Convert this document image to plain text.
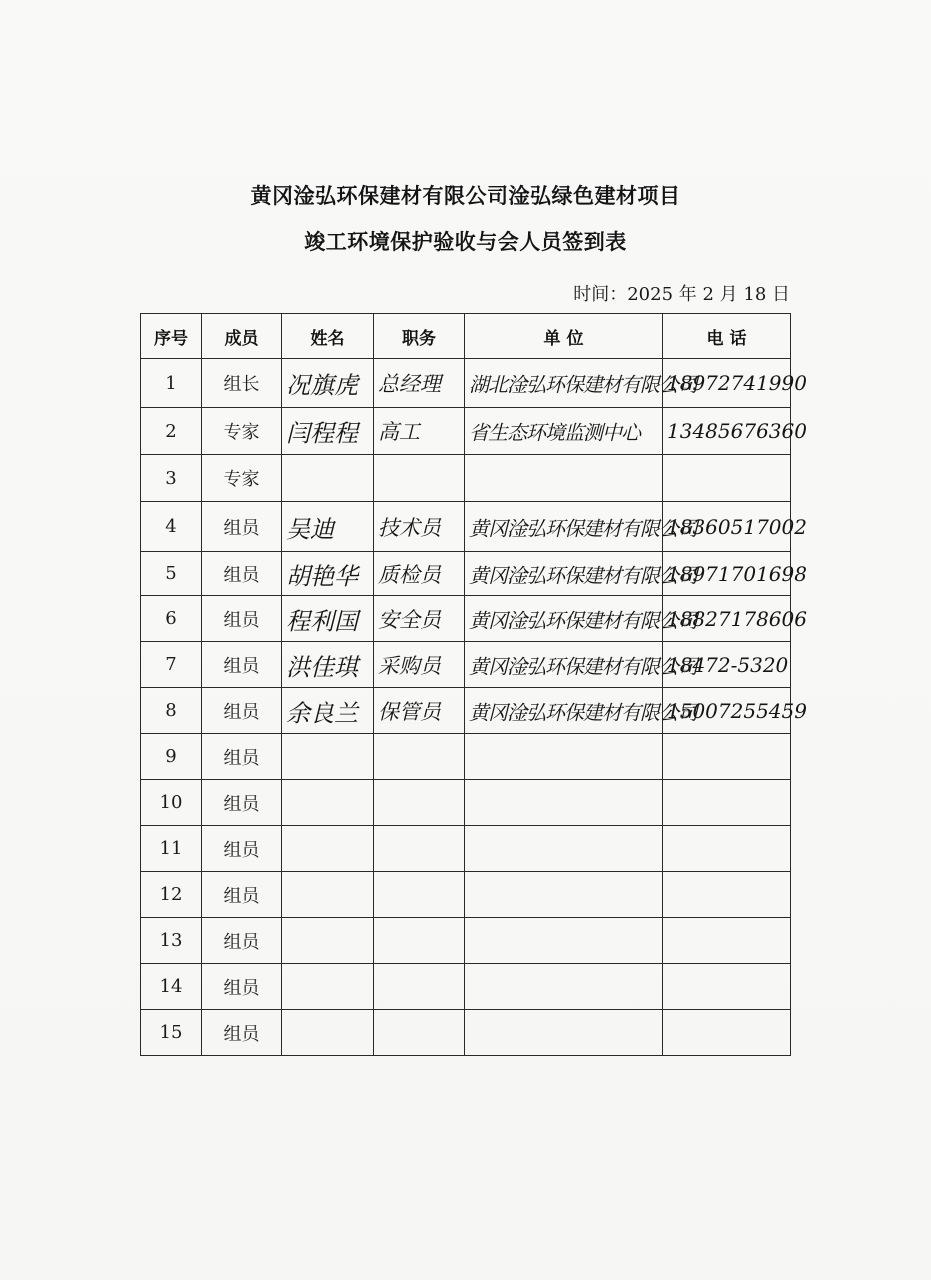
黄冈淦弘环保建材有限公司淦弘绿色建材项目
竣工环境保护验收与会人员签到表
时间：2025 年 2 月 18 日
序号	成员	姓名	职务	单 位	电 话
1	组长	况旗虎	总经理	湖北淦弘环保建材有限公司	18972741990

2	专家	闫程程	高工	省生态环境监测中心	13485676360

3	专家	

4	组员	吴迪	技术员	黄冈淦弘环保建材有限公司	18360517002

5	组员	胡艳华	质检员	黄冈淦弘环保建材有限公司	18971701698

6	组员	程利国	安全员	黄冈淦弘环保建材有限公司	18827178606

7	组员	洪佳琪	采购员	黄冈淦弘环保建材有限公司	18472-5320

8	组员	余良兰	保管员	黄冈淦弘环保建材有限公司	15007255459

9	组员	

10	组员	

11	组员	

12	组员	

13	组员	

14	组员	

15	组员	
